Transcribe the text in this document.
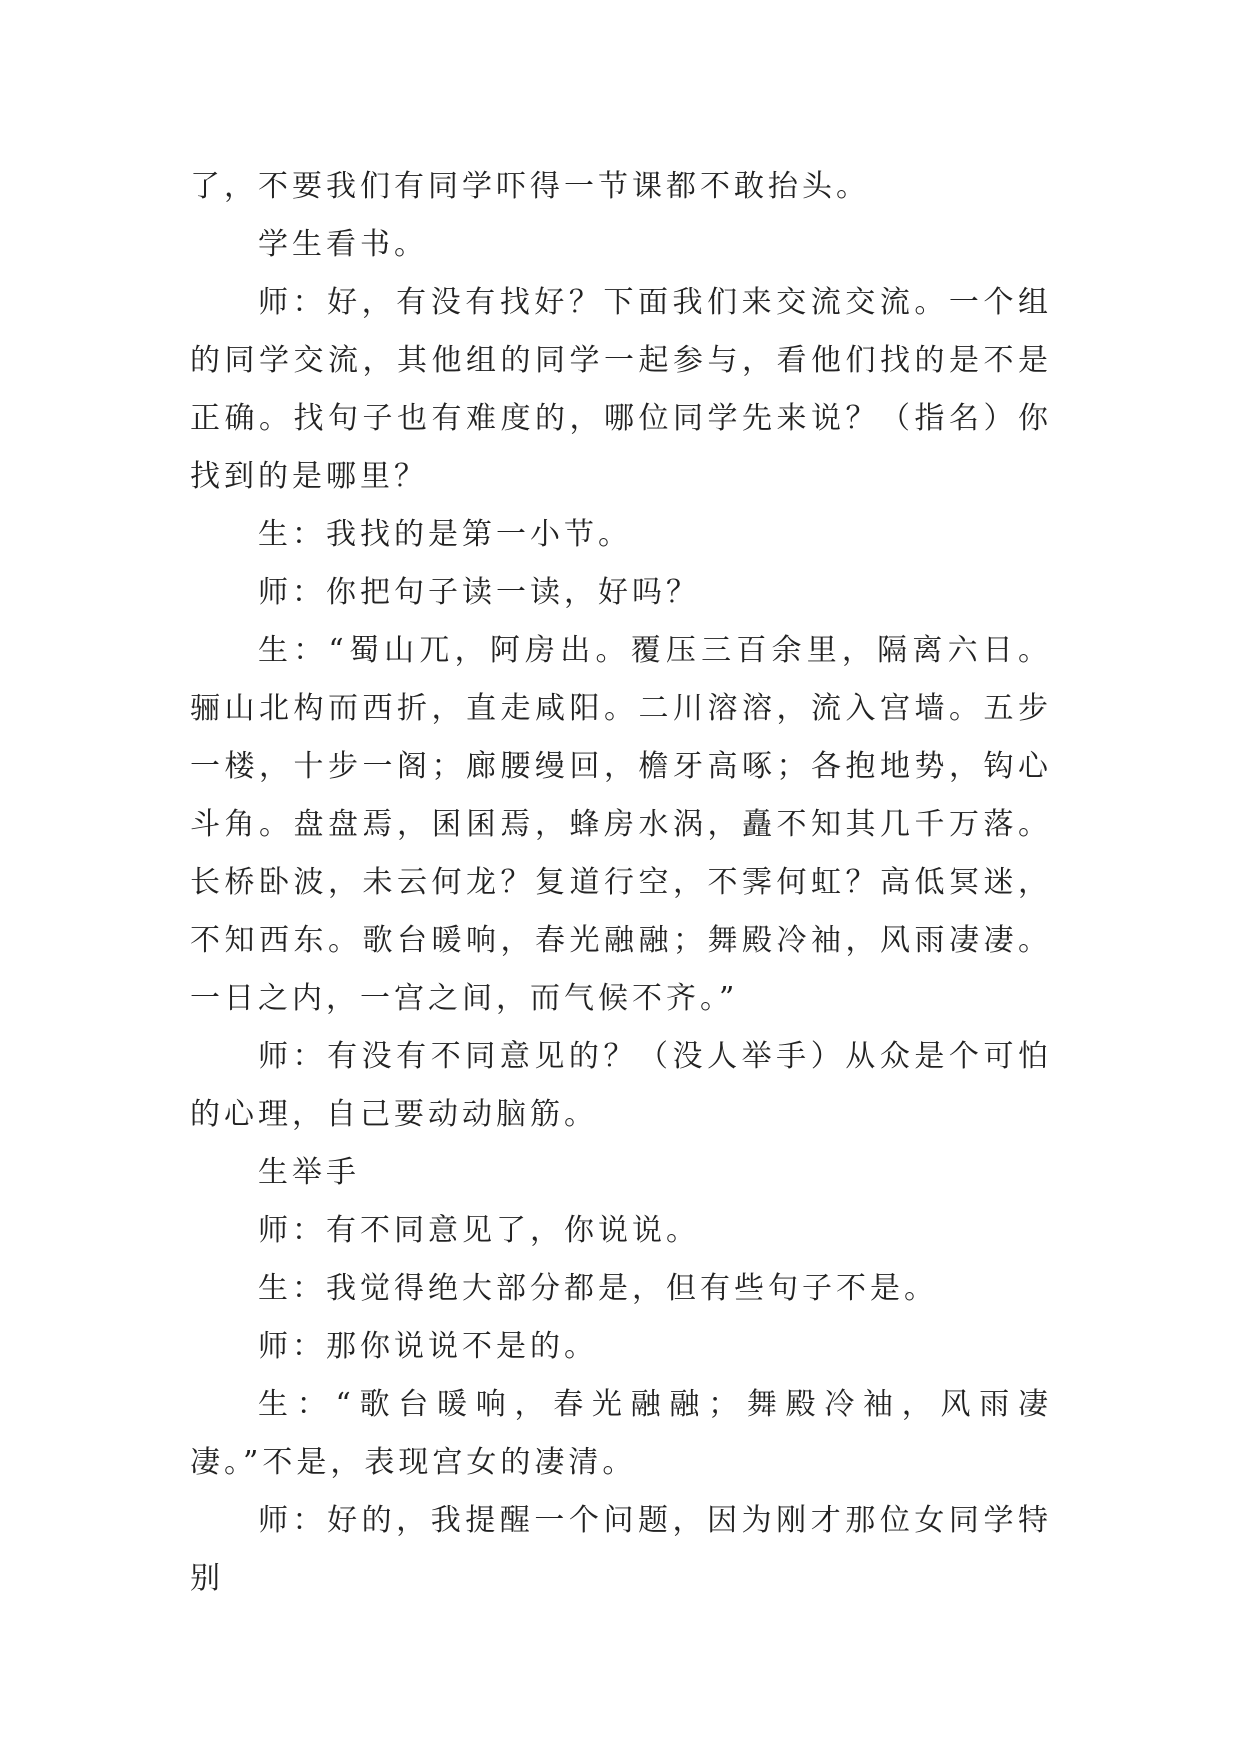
了，不要我们有同学吓得一节课都不敢抬头。

学生看书。

师：好，有没有找好？下面我们来交流交流。一个组的同学交流，其他组的同学一起参与，看他们找的是不是正确。找句子也有难度的，哪位同学先来说？（指名）你找到的是哪里？

生：我找的是第一小节。

师：你把句子读一读，好吗？

生：“蜀山兀，阿房出。覆压三百余里，隔离六日。骊山北构而西折，直走咸阳。二川溶溶，流入宫墙。五步一楼，十步一阁；廊腰缦回，檐牙高啄；各抱地势，钩心斗角。盘盘焉，囷囷焉，蜂房水涡，矗不知其几千万落。长桥卧波，未云何龙？复道行空，不霁何虹？高低冥迷，不知西东。歌台暖响，春光融融；舞殿冷袖，风雨凄凄。一日之内，一宫之间，而气候不齐。”

师：有没有不同意见的？（没人举手）从众是个可怕的心理，自己要动动脑筋。

生举手

师：有不同意见了，你说说。

生：我觉得绝大部分都是，但有些句子不是。

师：那你说说不是的。

生：“歌台暖响，春光融融；舞殿冷袖，风雨凄凄。”不是，表现宫女的凄清。

师：好的，我提醒一个问题，因为刚才那位女同学特别
